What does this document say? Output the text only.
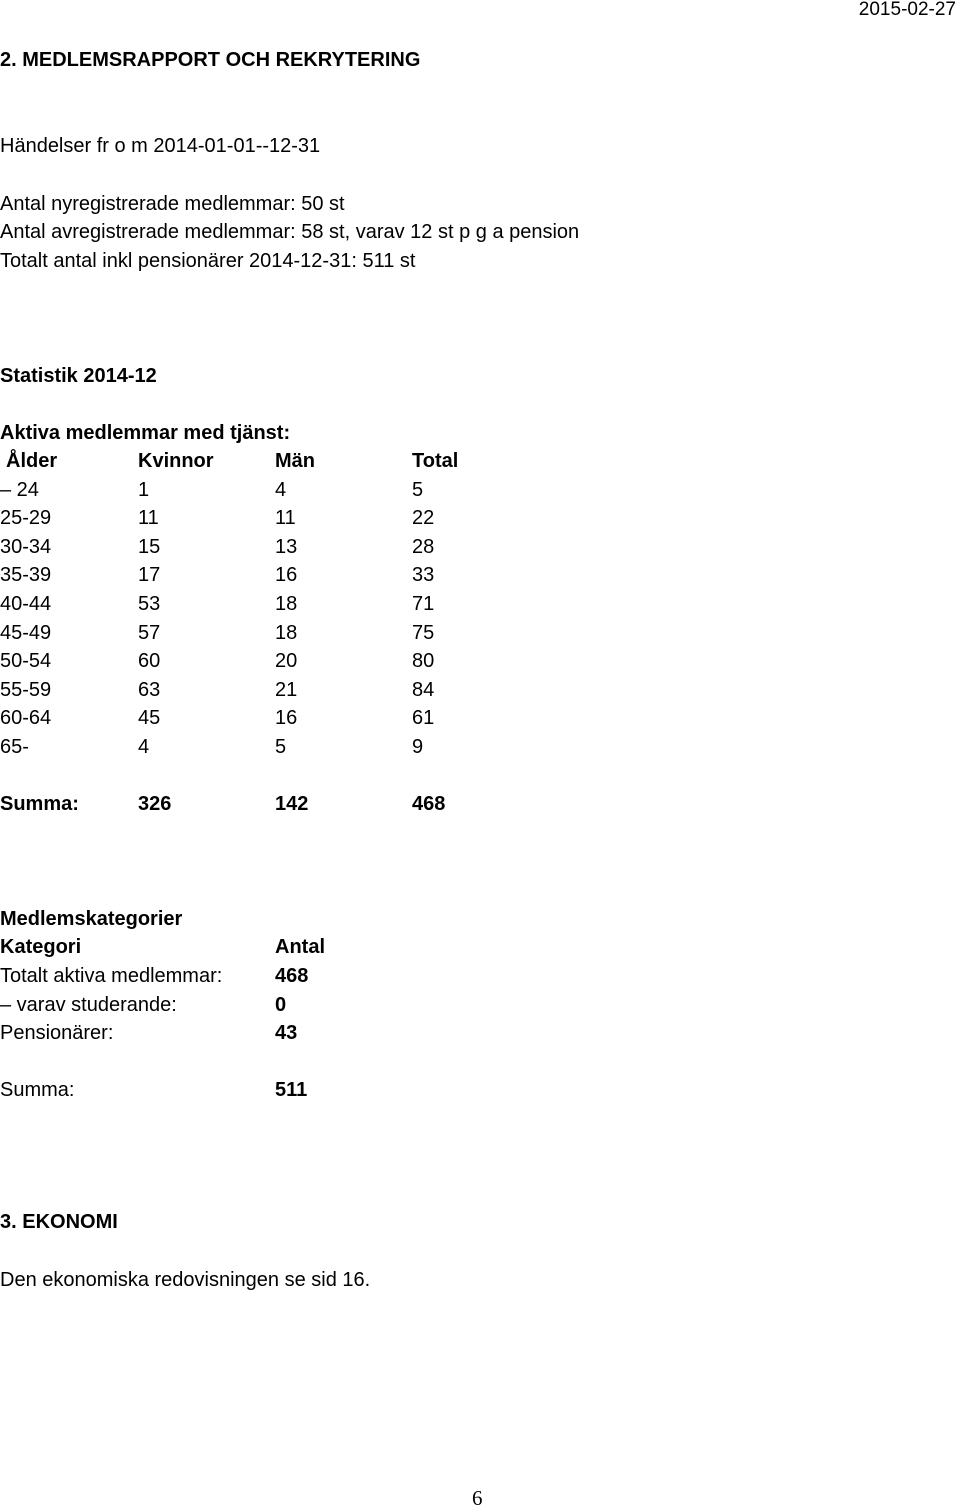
2015-02-27
2. MEDLEMSRAPPORT OCH REKRYTERING
Händelser fr o m 2014-01-01--12-31
Antal nyregistrerade medlemmar: 50 st
Antal avregistrerade medlemmar: 58 st, varav 12 st p g a pension
Totalt antal inkl pensionärer 2014-12-31: 511 st
Statistik 2014-12
Aktiva medlemmar med tjänst:
Ålder	Kvinnor	Män	Total
– 24	1	4	5
25-29	11	11	22
30-34	15	13	28
35-39	17	16	33
40-44	53	18	71
45-49	57	18	75
50-54	60	20	80
55-59	63	21	84
60-64	45	16	61
65-	4	5	9
Summa:	326	142	468
Medlemskategorier
Kategori	Antal
Totalt aktiva medlemmar:	468
– varav studerande:	0
Pensionärer:	43
Summa:	511
3. EKONOMI
Den ekonomiska redovisningen se sid 16.
6
